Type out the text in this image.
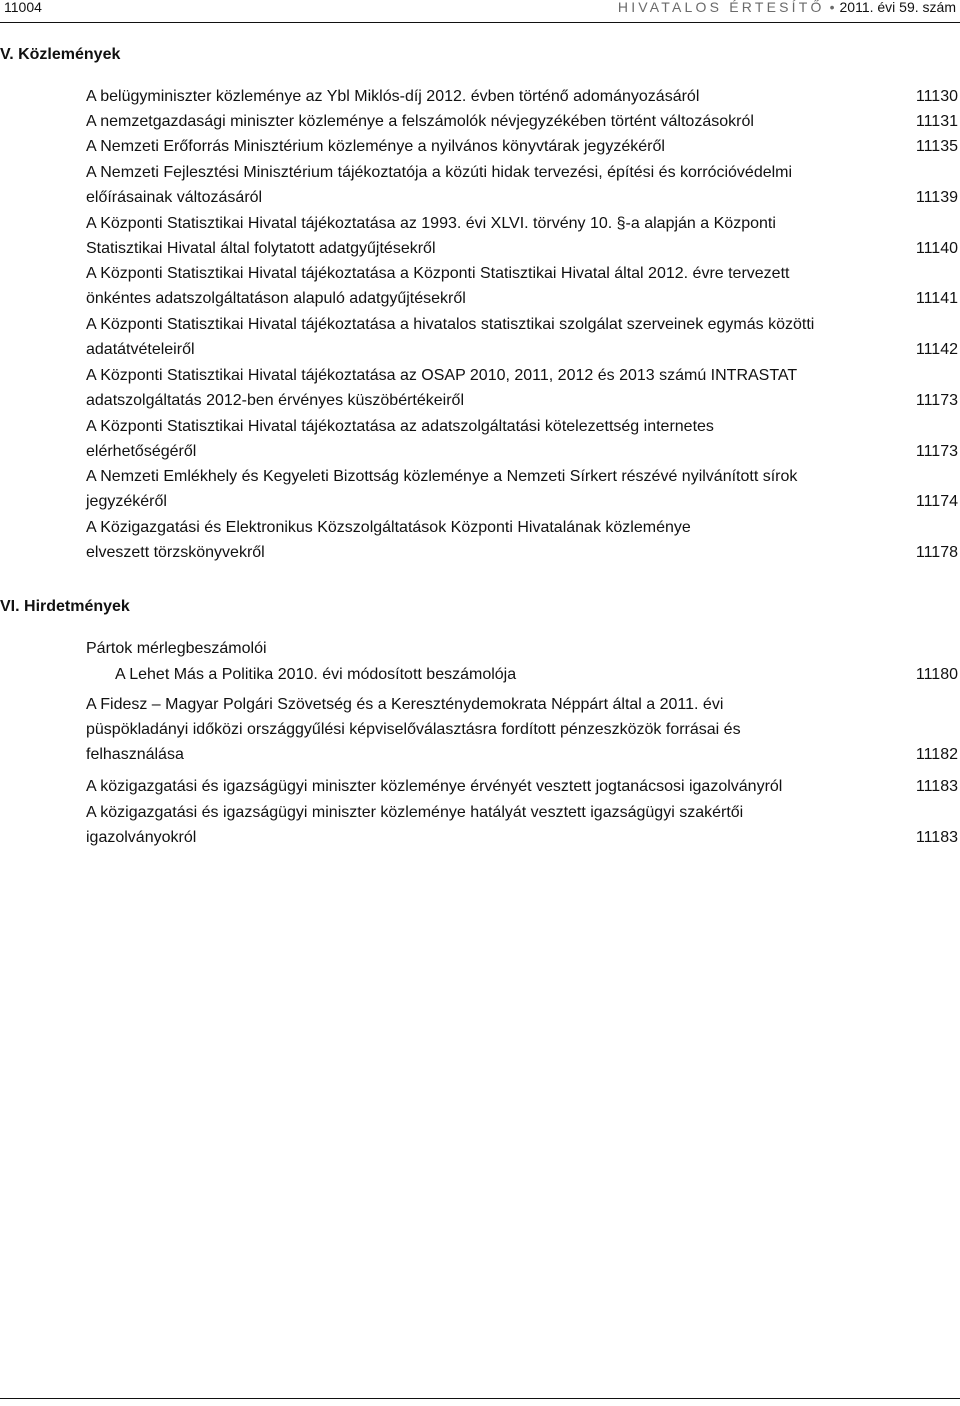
11004	HIVATALOS ÉRTESÍTŐ • 2011. évi 59. szám
V. Közlemények
A belügyminiszter közleménye az Ybl Miklós-díj 2012. évben történő adományozásáról	11130
A nemzetgazdasági miniszter közleménye a felszámolók névjegyzékében történt változásokról	11131
A Nemzeti Erőforrás Minisztérium közleménye a nyilvános könyvtárak jegyzékéről	11135
A Nemzeti Fejlesztési Minisztérium tájékoztatója a közúti hidak tervezési, építési és korrócióvédelmi előírásainak változásáról	11139
A Központi Statisztikai Hivatal tájékoztatása az 1993. évi XLVI. törvény 10. §-a alapján a Központi Statisztikai Hivatal által folytatott adatgyűjtésekről	11140
A Központi Statisztikai Hivatal tájékoztatása a Központi Statisztikai Hivatal által 2012. évre tervezett önkéntes adatszolgáltatáson alapuló adatgyűjtésekről	11141
A Központi Statisztikai Hivatal tájékoztatása a hivatalos statisztikai szolgálat szerveinek egymás közötti adatátvételeiről	11142
A Központi Statisztikai Hivatal tájékoztatása az OSAP 2010, 2011, 2012 és 2013 számú INTRASTAT adatszolgáltatás 2012-ben érvényes küszöbértékeiről	11173
A Központi Statisztikai Hivatal tájékoztatása az adatszolgáltatási kötelezettség internetes elérhetőségéről	11173
A Nemzeti Emlékhely és Kegyeleti Bizottság közleménye a Nemzeti Sírkert részévé nyilvánított sírok jegyzékéről	11174
A Közigazgatási és Elektronikus Közszolgáltatások Központi Hivatalának közleménye elveszett törzskönyvekről	11178
VI. Hirdetmények
Pártok mérlegbeszámolói
A Lehet Más a Politika 2010. évi módosított beszámolója	11180
A Fidesz – Magyar Polgári Szövetség és a Kereszténydemokrata Néppárt által a 2011. évi püspökladányi időközi országgyűlési képviselőválasztásra fordított pénzeszközök forrásai és felhasználása	11182
A közigazgatási és igazságügyi miniszter közleménye érvényét vesztett jogtanácsosi igazolványról	11183
A közigazgatási és igazságügyi miniszter közleménye hatályát vesztett igazságügyi szakértői igazolványokról	11183
